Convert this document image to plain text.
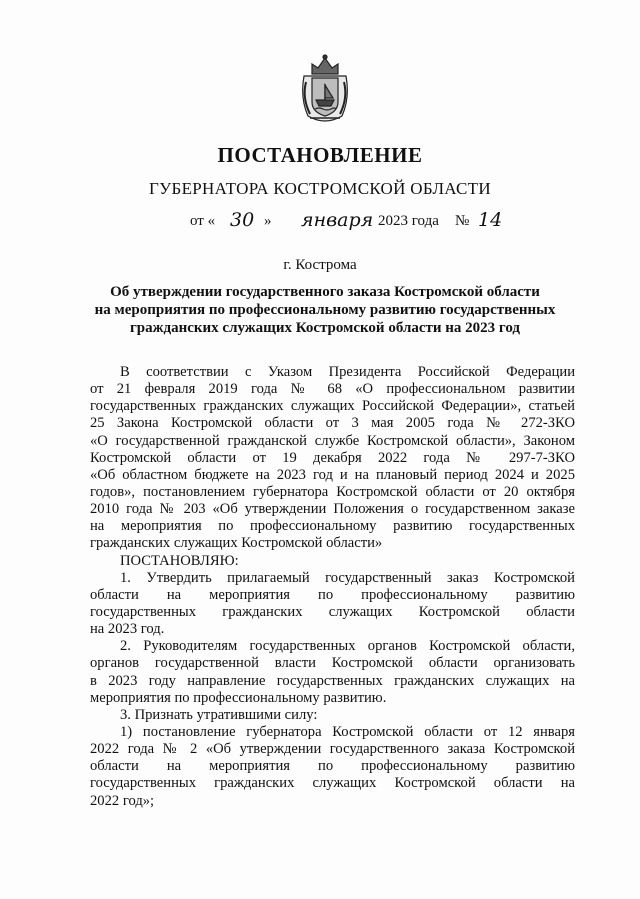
ПОСТАНОВЛЕНИЕ
ГУБЕРНАТОРА КОСТРОМСКОЙ ОБЛАСТИ
от « 30 » января 2023 года № 14
г. Кострома
Об утверждении государственного заказа Костромской области
на мероприятия по профессиональному развитию государственных
гражданских служащих Костромской области на 2023 год
В соответствии с Указом Президента Российской Федерации
от 21 февраля 2019 года № 68 «О профессиональном развитии
государственных гражданских служащих Российской Федерации», статьей
25 Закона Костромской области от 3 мая 2005 года № 272-ЗКО
«О государственной гражданской службе Костромской области», Законом
Костромской области от 19 декабря 2022 года № 297-7-ЗКО
«Об областном бюджете на 2023 год и на плановый период 2024 и 2025
годов», постановлением губернатора Костромской области от 20 октября
2010 года № 203 «Об утверждении Положения о государственном заказе
на мероприятия по профессиональному развитию государственных
гражданских служащих Костромской области»
ПОСТАНОВЛЯЮ:
1. Утвердить прилагаемый государственный заказ Костромской
области на мероприятия по профессиональному развитию
государственных гражданских служащих Костромской области
на 2023 год.
2. Руководителям государственных органов Костромской области,
органов государственной власти Костромской области организовать
в 2023 году направление государственных гражданских служащих на
мероприятия по профессиональному развитию.
3. Признать утратившими силу:
1) постановление губернатора Костромской области от 12 января
2022 года № 2 «Об утверждении государственного заказа Костромской
области на мероприятия по профессиональному развитию
государственных гражданских служащих Костромской области на
2022 год»;
